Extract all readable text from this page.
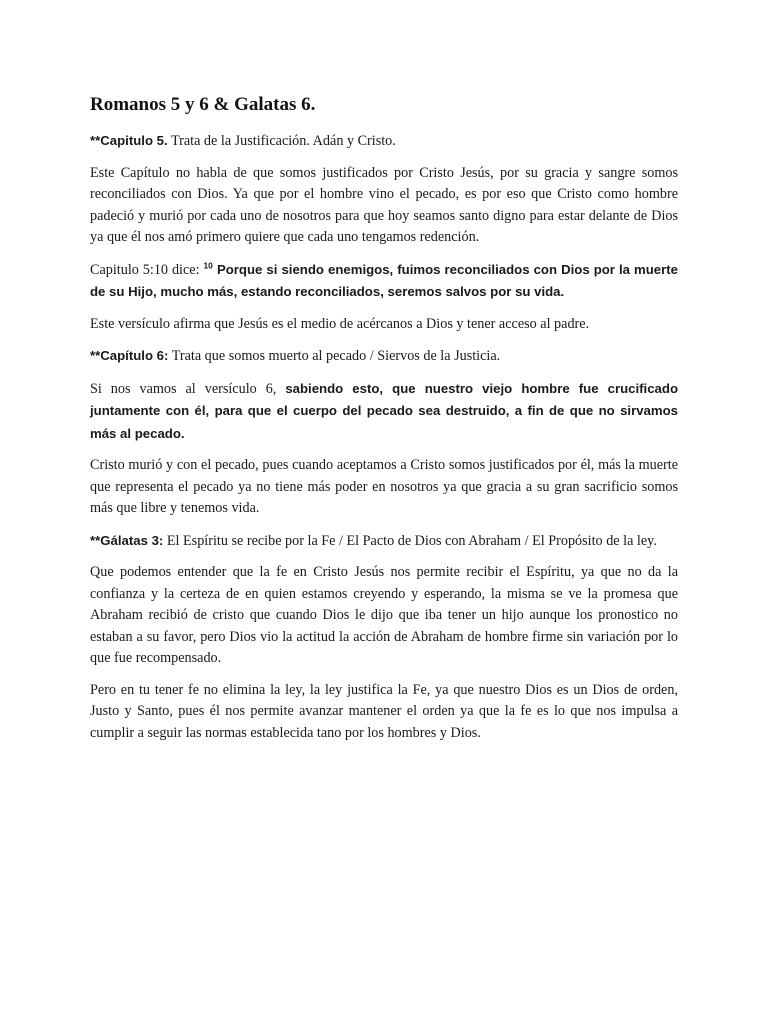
Romanos 5 y 6 & Galatas 6.

**Capitulo 5. Trata de la Justificación. Adán y Cristo.

Este Capítulo no habla de que somos justificados por Cristo Jesús, por su gracia y sangre somos reconciliados con Dios. Ya que por el hombre vino el pecado, es por eso que Cristo como hombre padeció y murió por cada uno de nosotros para que hoy seamos santo digno para estar delante de Dios ya que él nos amó primero quiere que cada uno tengamos redención.

Capitulo 5:10 dice: $^{10}$ Porque si siendo enemigos, fuimos reconciliados con Dios por la muerte de su Hijo, mucho más, estando reconciliados, seremos salvos por su vida.

Este versículo afirma que Jesús es el medio de acércanos a Dios y tener acceso al padre.

**Capítulo 6: Trata que somos muerto al pecado / Siervos de la Justicia.

Si nos vamos al versículo 6, sabiendo esto, que nuestro viejo hombre fue crucificado juntamente con él, para que el cuerpo del pecado sea destruido, a fin de que no sirvamos más al pecado.

Cristo murió y con el pecado, pues cuando aceptamos a Cristo somos justificados por él, más la muerte que representa el pecado ya no tiene más poder en nosotros ya que gracia a su gran sacrificio somos más que libre y tenemos vida.

**Gálatas 3: El Espíritu se recibe por la Fe / El Pacto de Dios con Abraham / El Propósito de la ley.

Que podemos entender que la fe en Cristo Jesús nos permite recibir el Espíritu, ya que no da la confianza y la certeza de en quien estamos creyendo y esperando, la misma se ve la promesa que Abraham recibió de cristo que cuando Dios le dijo que iba tener un hijo aunque los pronostico no estaban a su favor, pero Dios vio la actitud la acción de Abraham de hombre firme sin variación por lo que fue recompensado.

Pero en tu tener fe no elimina la ley, la ley justifica la Fe, ya que nuestro Dios es un Dios de orden, Justo y Santo, pues él nos permite avanzar mantener el orden ya que la fe es lo que nos impulsa a cumplir a seguir las normas establecida tano por los hombres y Dios.
